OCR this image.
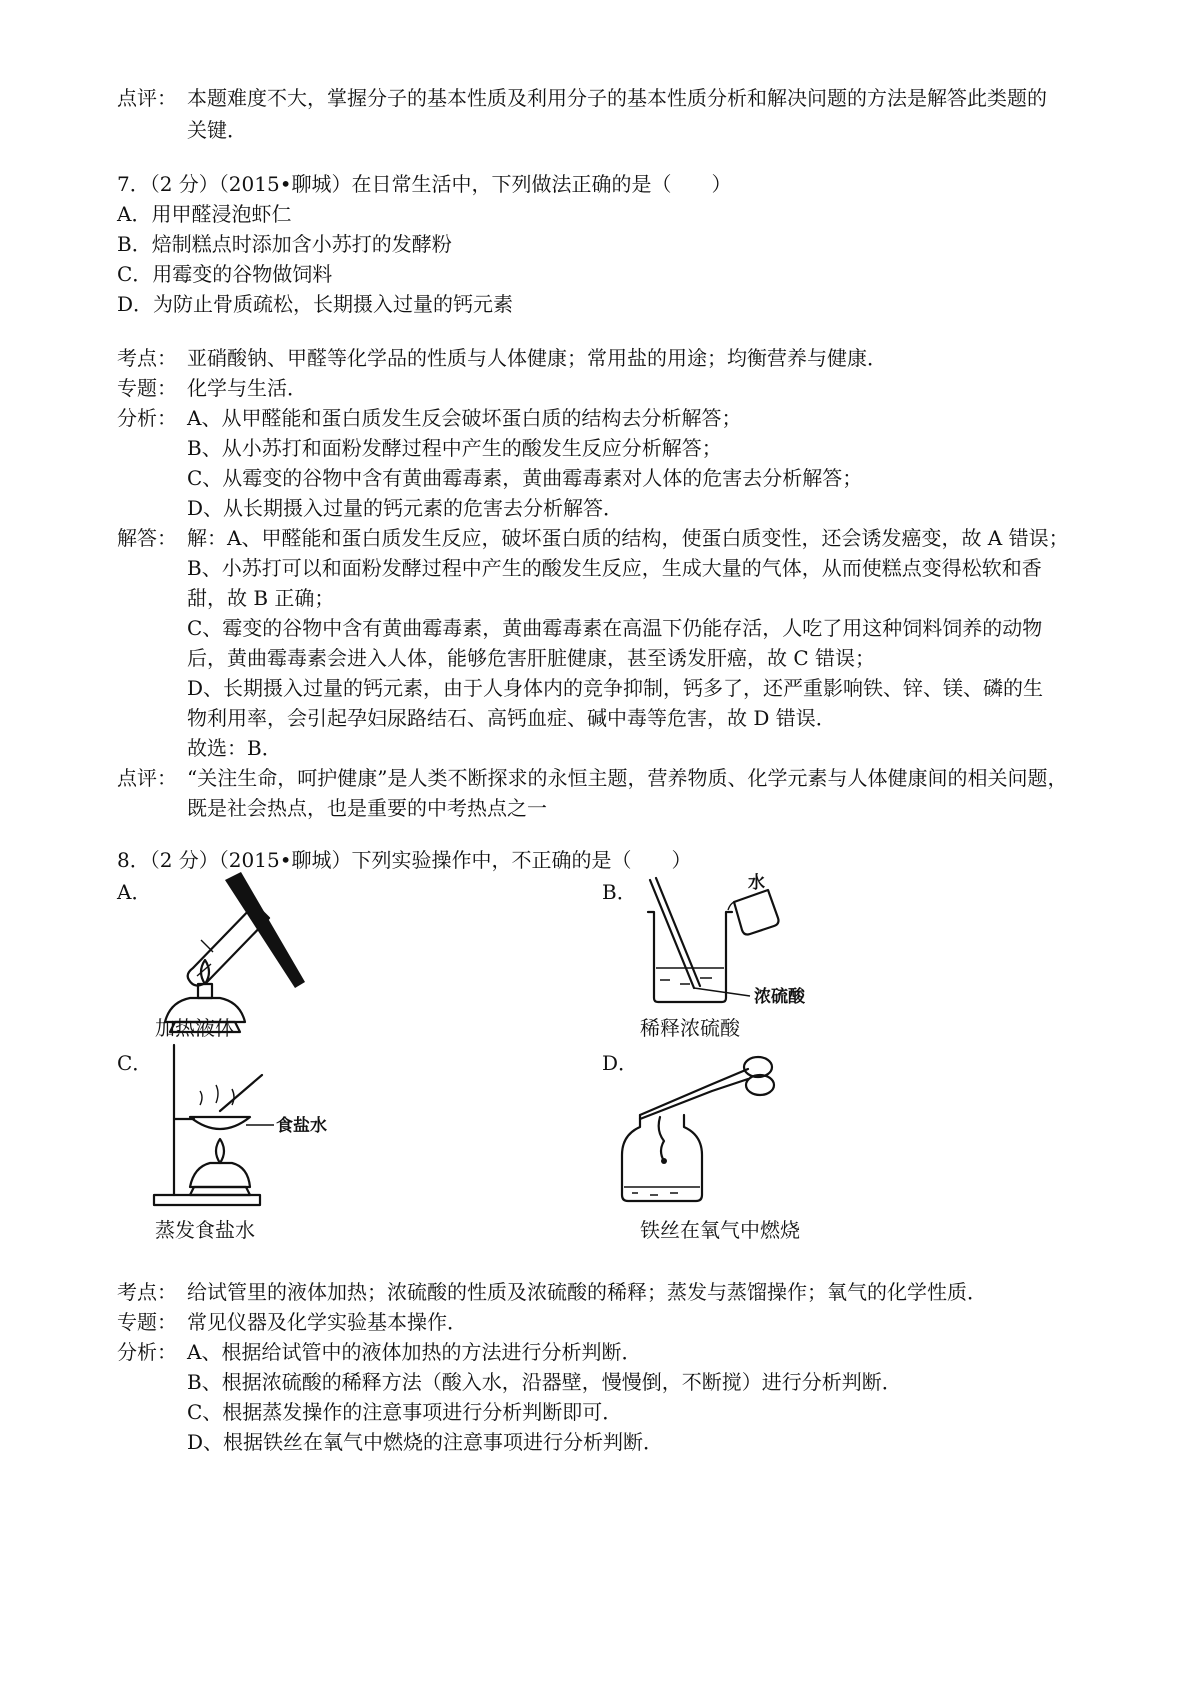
点评： 本题难度不大，掌握分子的基本性质及利用分子的基本性质分析和解决问题的方法是解答此类题的
关键．
7．（2 分）（2015•聊城）在日常生活中，下列做法正确的是（　　）
A．用甲醛浸泡虾仁
B．焙制糕点时添加含小苏打的发酵粉
C．用霉变的谷物做饲料
D．为防止骨质疏松，长期摄入过量的钙元素
考点： 亚硝酸钠、甲醛等化学品的性质与人体健康；常用盐的用途；均衡营养与健康．
专题： 化学与生活．
分析： A、从甲醛能和蛋白质发生反会破坏蛋白质的结构去分析解答；
B、从小苏打和面粉发酵过程中产生的酸发生反应分析解答；
C、从霉变的谷物中含有黄曲霉毒素，黄曲霉毒素对人体的危害去分析解答；
D、从长期摄入过量的钙元素的危害去分析解答．
解答： 解：A、甲醛能和蛋白质发生反应，破坏蛋白质的结构，使蛋白质变性，还会诱发癌变，故 A 错误；
B、小苏打可以和面粉发酵过程中产生的酸发生反应，生成大量的气体，从而使糕点变得松软和香
甜，故 B 正确；
C、霉变的谷物中含有黄曲霉毒素，黄曲霉毒素在高温下仍能存活，人吃了用这种饲料饲养的动物
后，黄曲霉毒素会进入人体，能够危害肝脏健康，甚至诱发肝癌，故 C 错误；
D、长期摄入过量的钙元素，由于人身体内的竞争抑制，钙多了，还严重影响铁、锌、镁、磷的生
物利用率，会引起孕妇尿路结石、高钙血症、碱中毒等危害，故 D 错误．
故选：B．
点评： “关注生命，呵护健康”是人类不断探求的永恒主题，营养物质、化学元素与人体健康间的相关问题，
既是社会热点，也是重要的中考热点之一
8．（2 分）（2015•聊城）下列实验操作中，不正确的是（　　）
A．	B．
加热液体
水
浓硫酸
稀释浓硫酸
C．	D．
食盐水
蒸发食盐水	铁丝在氧气中燃烧
考点： 给试管里的液体加热；浓硫酸的性质及浓硫酸的稀释；蒸发与蒸馏操作；氧气的化学性质．
专题： 常见仪器及化学实验基本操作．
分析： A、根据给试管中的液体加热的方法进行分析判断．
B、根据浓硫酸的稀释方法（酸入水，沿器壁，慢慢倒，不断搅）进行分析判断．
C、根据蒸发操作的注意事项进行分析判断即可．
D、根据铁丝在氧气中燃烧的注意事项进行分析判断．
